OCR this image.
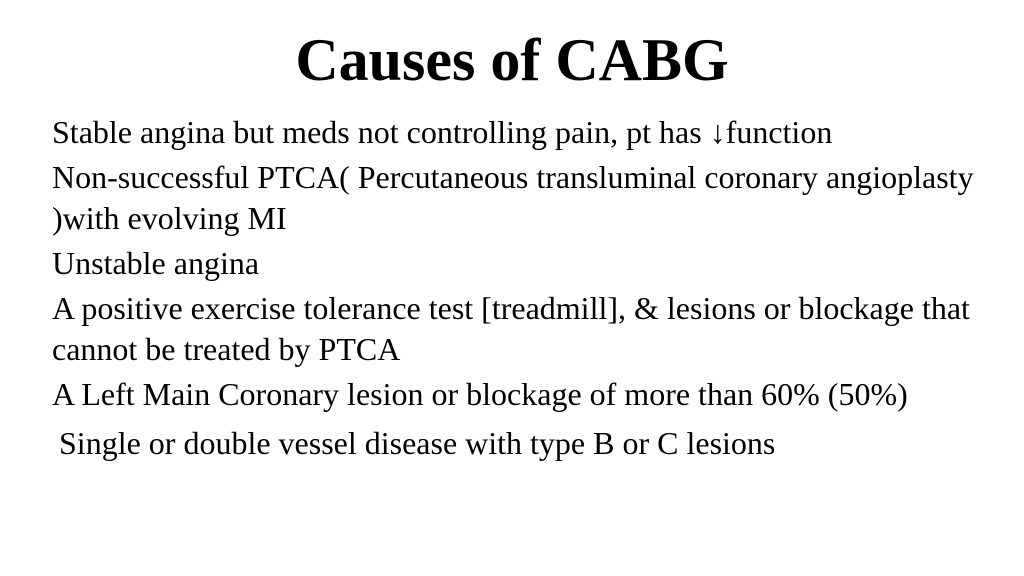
Causes of CABG
Stable angina but meds not controlling pain, pt has ↓function
Non-successful PTCA( Percutaneous transluminal coronary angioplasty )with evolving MI
Unstable angina
A positive exercise tolerance test [treadmill], & lesions or blockage that cannot be treated by PTCA
A Left Main Coronary lesion or blockage of more than 60% (50%)
Single or double vessel disease with type B or C lesions
